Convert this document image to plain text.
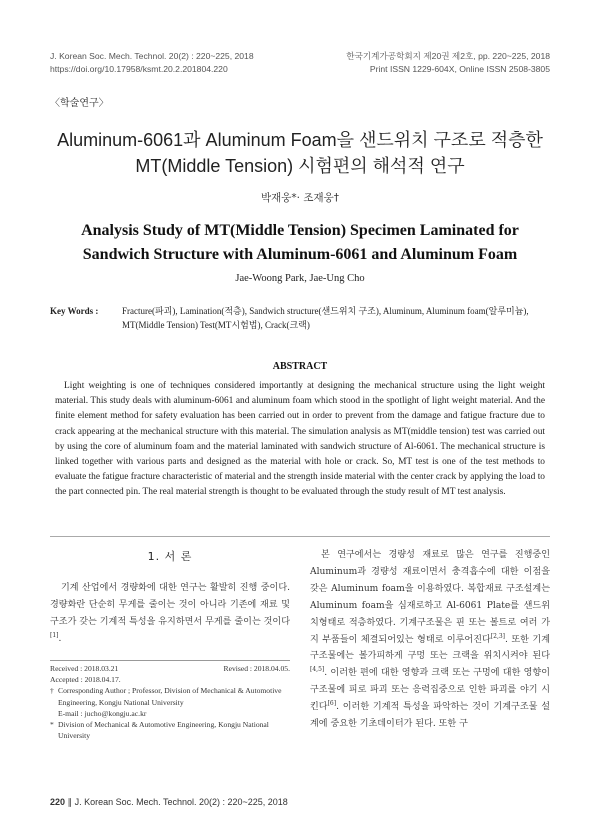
J. Korean Soc. Mech. Technol. 20(2) : 220~225, 2018
https://doi.org/10.17958/ksmt.20.2.201804.220
한국기계가공학회지 제20권 제2호, pp. 220~225, 2018
Print ISSN 1229-604X, Online ISSN 2508-3805
〈학술연구〉
Aluminum-6061과 Aluminum Foam을 샌드위치 구조로 적층한
MT(Middle Tension) 시험편의 해석적 연구
박재웅*· 조재웅†
Analysis Study of MT(Middle Tension) Specimen Laminated for
Sandwich Structure with Aluminum-6061 and Aluminum Foam
Jae-Woong Park, Jae-Ung Cho
Key Words :	Fracture(파괴), Lamination(적층), Sandwich structure(샌드위치 구조), Aluminum, Aluminum foam(알루미늄), MT(Middle Tension) Test(MT시험법), Crack(크랙)
ABSTRACT
Light weighting is one of techniques considered importantly at designing the mechanical structure using the light weight material. This study deals with aluminum-6061 and aluminum foam which stood in the spotlight of light weight material. And the finite element method for safety evaluation has been carried out in order to prevent from the damage and fatigue fracture due to crack appearing at the mechanical structure with this material. The simulation analysis as MT(middle tension) test was carried out by using the core of aluminum foam and the material laminated with sandwich structure of Al-6061. The mechanical structure is linked together with various parts and designed as the material with hole or crack. So, MT test is one of the test methods to evaluate the fatigue fracture characteristic of material and the strength inside material with the center crack by applying the load to the part connected pin. The real material strength is thought to be evaluated through the study result of MT test analysis.
1. 서 론
기계 산업에서 경량화에 대한 연구는 활발히 진행 중이다. 경량화란 단순히 무게를 줄이는 것이 아니라 기존에 재료 및 구조가 갖는 기계적 특성을 유지하면서 무게를 줄이는 것이다[1].
본 연구에서는 경량성 재료로 많은 연구를 진행중인 Aluminum과 경량성 재료이면서 충격흡수에 대한 이점을 갖은 Aluminum foam을 이용하였다. 복합재료 구조설계는 Aluminum foam을 심재로하고 Al-6061 Plate를 샌드위치형태로 적층하였다. 기계구조물은 핀 또는 볼트로 여러 가지 부품들이 체결되어있는 형태로 이루어진다[2,3]. 또한 기계구조물에는 볼가피하게 구멍 또는 크랙을 위치시켜야 된다[4,5]. 이러한 편에 대한 영향과 크랙 또는 구멍에 대한 영향이 구조물에 피로 파괴 또는 응력집중으로 인한 파괴를 야기 시킨다[6]. 이러한 기계적 특성을 파악하는 것이 기계구조물 설계에 중요한 기초데이터가 된다. 또한 구
Received : 2018.03.21	Revised : 2018.04.05.
Accepted : 2018.04.17.
† Corresponding Author ; Professor, Division of Mechanical & Automotive Engineering, Kongju National University
E-mail : jucho@kongju.ac.kr
* Division of Mechanical & Automotive Engineering, Kongju National University
220 ∥ J. Korean Soc. Mech. Technol. 20(2) : 220~225, 2018
